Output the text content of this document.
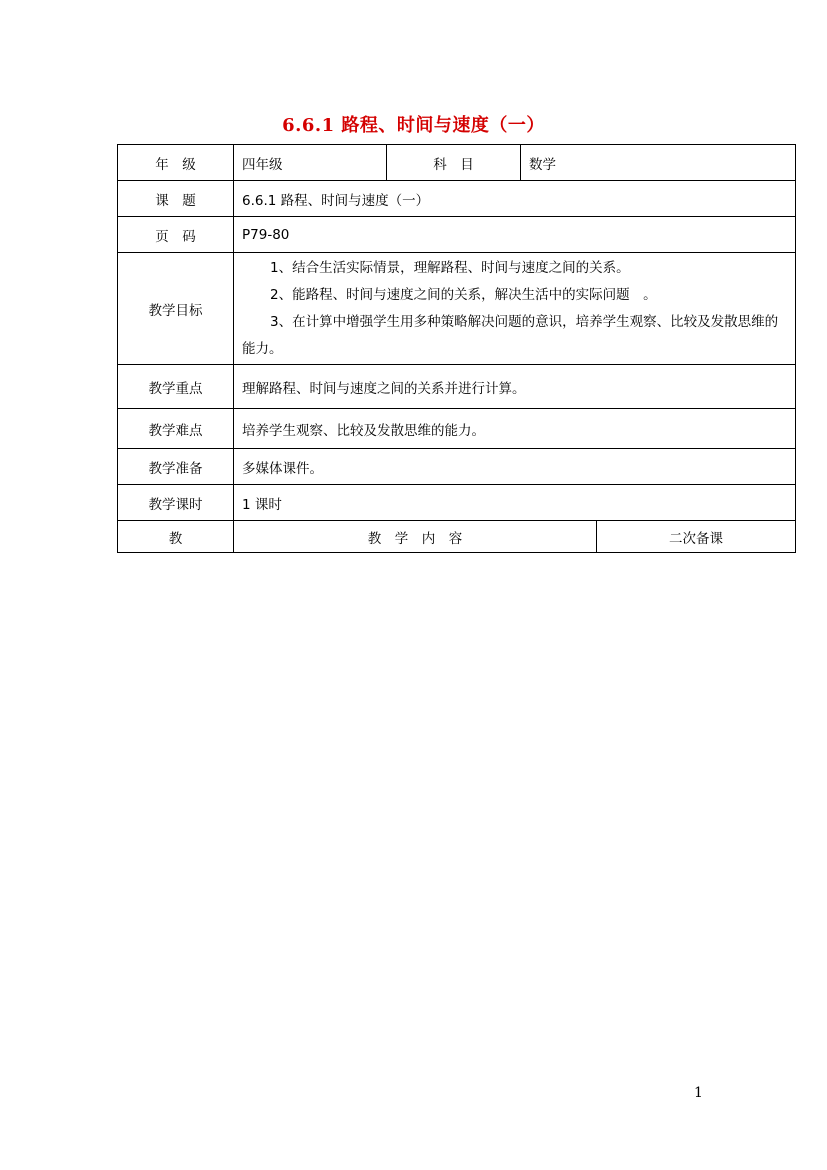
6.6.1 路程、时间与速度（一）
年　级	四年级	科　目	数学	
课　题	6.6.1 路程、时间与速度（一）			
页　码	P79-80			
教学目标	1、结合生活实际情景，理解路程、时间与速度之间的关系。

2、能路程、时间与速度之间的关系，解决生活中的实际问题　。

3、在计算中增强学生用多种策略解决问题的意识，培养学生观察、比较及发散思维的能力。			

教学重点	理解路程、时间与速度之间的关系并进行计算。			
教学难点	培养学生观察、比较及发散思维的能力。			
教学准备	多媒体课件。			
教学课时	1 课时			
教	教　学　内　容			二次备课
1
